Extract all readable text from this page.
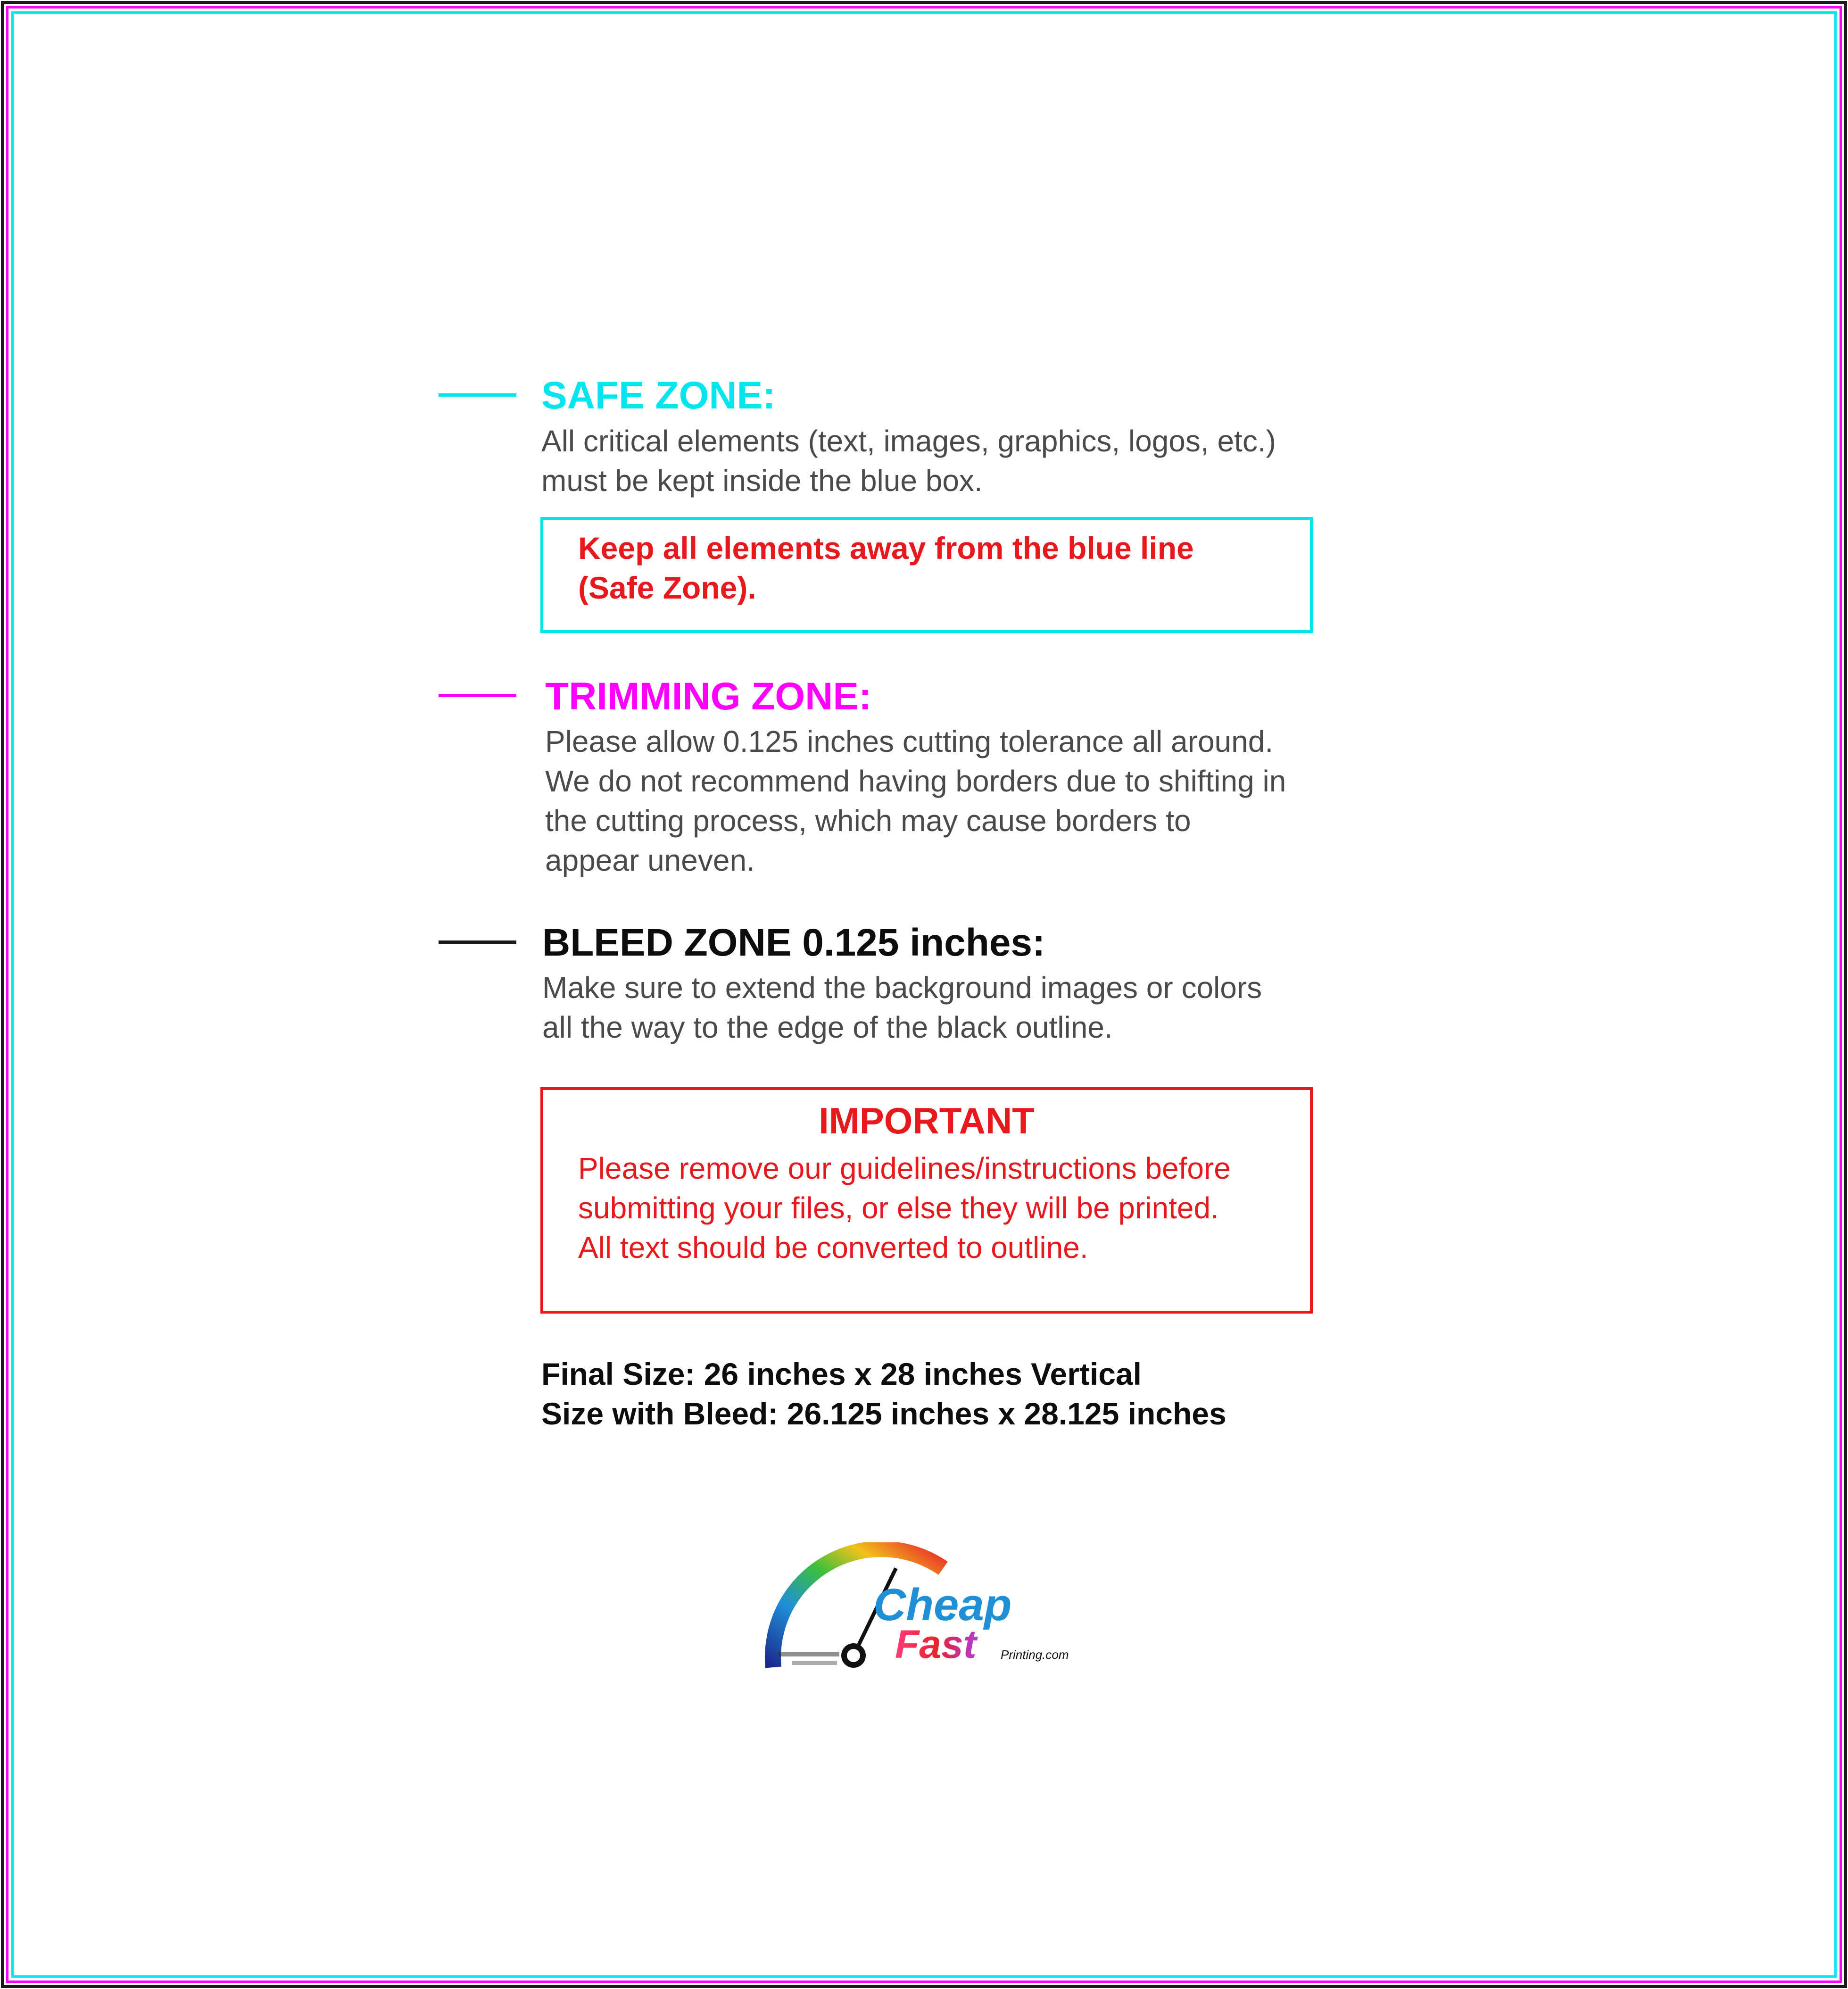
SAFE ZONE:
All critical elements (text, images, graphics, logos, etc.)
must be kept inside the blue box.
Keep all elements away from the blue line
(Safe Zone).
TRIMMING ZONE:
Please allow 0.125 inches cutting tolerance all around.
We do not recommend having borders due to shifting in
the cutting process, which may cause borders to
appear uneven.
BLEED ZONE 0.125 inches:
Make sure to extend the background images or colors
all the way to the edge of the black outline.
IMPORTANT
Please remove our guidelines/instructions before
submitting your files, or else they will be printed.
All text should be converted to outline.
Final Size: 26 inches x 28 inches Vertical
Size with Bleed: 26.125 inches x 28.125 inches
Cheap
Fast Printing.com
